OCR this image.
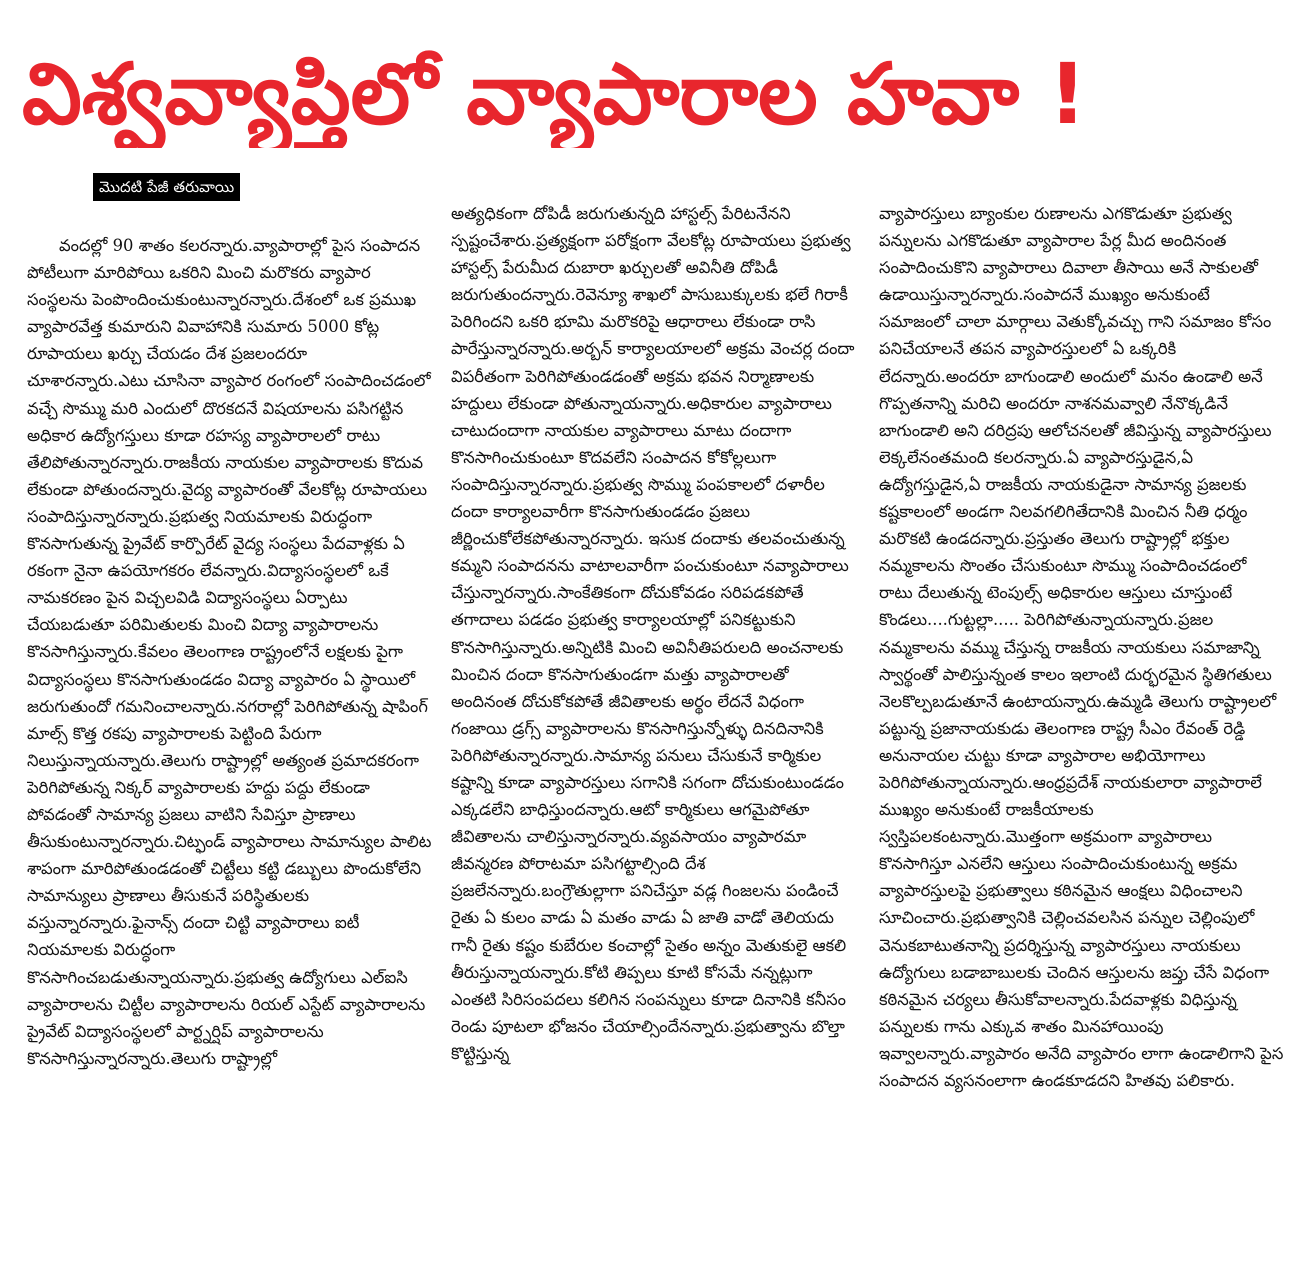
విశ్వవ్యాప్తిలో వ్యాపారాల హవా !
మొదటి పేజీ తరువాయి

వందల్లో 90 శాతం కలరన్నారు.వ్యాపారాల్లో పైస సంపాదన పోటీలుగా మారిపోయి ఒకరిని మించి మరొకరు వ్యాపార సంస్థలను పెంపొందించుకుంటున్నారన్నారు.దేశంలో ఒక ప్రముఖ వ్యాపారవేత్త కుమారుని వివాహానికి సుమారు 5000 కోట్ల రూపాయలు ఖర్చు చేయడం దేశ ప్రజలందరూ చూశారన్నారు.ఎటు చూసినా వ్యాపార రంగంలో సంపాదించడంలో వచ్చే సొమ్ము మరి ఎందులో దొరకదనే విషయాలను పసిగట్టిన అధికార ఉద్యోగస్తులు కూడా రహస్య వ్యాపారాలలో రాటు తేలిపోతున్నారన్నారు.రాజకీయ నాయకుల వ్యాపారాలకు కొదువ లేకుండా పోతుందన్నారు.వైద్య వ్యాపారంతో వేలకోట్ల రూపాయలు సంపాదిస్తున్నారన్నారు.ప్రభుత్వ నియమాలకు విరుద్ధంగా కొనసాగుతున్న ప్రైవేట్ కార్పొరేట్ వైద్య సంస్థలు పేదవాళ్లకు ఏ రకంగా నైనా ఉపయోగకరం లేవన్నారు.విద్యాసంస్థలలో ఒకే నామకరణం పైన విచ్చలవిడి విద్యాసంస్థలు ఏర్పాటు చేయబడుతూ పరిమితులకు మించి విద్యా వ్యాపారాలను కొనసాగిస్తున్నారు.కేవలం తెలంగాణ రాష్ట్రంలోనే లక్షలకు పైగా విద్యాసంస్థలు కొనసాగుతుండడం విద్యా వ్యాపారం ఏ స్థాయిలో జరుగుతుందో గమనించాలన్నారు.నగరాల్లో పెరిగిపోతున్న షాపింగ్ మాల్స్ కొత్త రకపు వ్యాపారాలకు పెట్టింది పేరుగా నిలుస్తున్నాయన్నారు.తెలుగు రాష్ట్రాల్లో అత్యంత ప్రమాదకరంగా పెరిగిపోతున్న నిక్కర్ వ్యాపారాలకు హద్దు పద్దు లేకుండా పోవడంతో సామాన్య ప్రజలు వాటిని సేవిస్తూ ప్రాణాలు తీసుకుంటున్నారన్నారు.చిట్ఫండ్ వ్యాపారాలు సామాన్యుల పాలిట శాపంగా మారిపోతుండడంతో చిట్టీలు కట్టి డబ్బులు పొందుకోలేని సామాన్యులు ప్రాణాలు తీసుకునే పరిస్థితులకు వస్తున్నారన్నారు.ఫైనాన్స్ దందా చిట్టి వ్యాపారాలు ఐటీ నియమాలకు విరుద్ధంగా కొనసాగించబడుతున్నాయన్నారు.ప్రభుత్వ ఉద్యోగులు ఎల్ఐసి వ్యాపారాలను చిట్టీల వ్యాపారాలను రియల్ ఎస్టేట్ వ్యాపారాలను ప్రైవేట్ విద్యాసంస్థలలో పార్ట్నర్షిప్ వ్యాపారాలను కొనసాగిస్తున్నారన్నారు.తెలుగు రాష్ట్రాల్లో

అత్యధికంగా దోపిడీ జరుగుతున్నది హాస్టల్స్ పేరిటనేనని స్పష్టంచేశారు.ప్రత్యక్షంగా పరోక్షంగా వేలకోట్ల రూపాయలు ప్రభుత్వ హాస్టల్స్ పేరుమీద దుబారా ఖర్చులతో అవినీతి దోపిడీ జరుగుతుందన్నారు.రెవెన్యూ శాఖలో పాసుబుక్కులకు భలే గిరాకీ పెరిగిందని ఒకరి భూమి మరొకరిపై ఆధారాలు లేకుండా రాసి పారేస్తున్నారన్నారు.అర్బన్ కార్యాలయాలలో అక్రమ వెంచర్ల దందా విపరీతంగా పెరిగిపోతుండడంతో అక్రమ భవన నిర్మాణాలకు హద్దులు లేకుండా పోతున్నాయన్నారు.అధికారుల వ్యాపారాలు చాటుదందాగా నాయకుల వ్యాపారాలు మాటు దందాగా కొనసాగించుకుంటూ కొదవలేని సంపాదన కోకోల్లలుగా సంపాదిస్తున్నారన్నారు.ప్రభుత్వ సొమ్ము పంపకాలలో దళారీల దందా కార్యాలవారీగా కొనసాగుతుండడం ప్రజలు జీర్ణించుకోలేకపోతున్నారన్నారు. ఇసుక దందాకు తలవంచుతున్న కమ్మని సంపాదనను వాటాలవారీగా పంచుకుంటూ నవ్యాపారాలు చేస్తున్నారన్నారు.సాంకేతికంగా దోచుకోవడం సరిపడకపోతే తగాదాలు పడడం ప్రభుత్వ కార్యాలయాల్లో పనికట్టుకుని కొనసాగిస్తున్నారు.అన్నిటికి మించి అవినీతిపరులది అంచనాలకు మించిన దందా కొనసాగుతుండగా మత్తు వ్యాపారాలతో అందినంత దోచుకోకపోతే జీవితాలకు అర్థం లేదనే విధంగా గంజాయి డ్రగ్స్ వ్యాపారాలను కొనసాగిస్తున్నోళ్ళు దినదినానికి పెరిగిపోతున్నారన్నారు.సామాన్య పనులు చేసుకునే కార్మికుల కష్టాన్ని కూడా వ్యాపారస్తులు సగానికి సగంగా దోచుకుంటుండడం ఎక్కడలేని బాధిస్తుందన్నారు.ఆటో కార్మికులు ఆగమైపోతూ జీవితాలను చాలిస్తున్నారన్నారు.వ్యవసాయం వ్యాపారమా జీవన్మరణ పోరాటమా పసిగట్టాల్సింది దేశ ప్రజలేనన్నారు.బంగ్రౌతుల్లాగా పనిచేస్తూ వడ్ల గింజలను పండించే రైతు ఏ కులం వాడు ఏ మతం వాడు ఏ జాతి వాడో తెలియదు గానీ రైతు కష్టం కుబేరుల కంచాల్లో సైతం అన్నం మెతుకులై ఆకలి తీరుస్తున్నాయన్నారు.కోటి తిప్పలు కూటి కోసమే నన్నట్లుగా ఎంతటి సిరిసంపదలు కలిగిన సంపన్నులు కూడా దినానికి కనీసం రెండు పూటలా భోజనం చేయాల్సిందేనన్నారు.ప్రభుత్వాను బొల్తా కొట్టిస్తున్న

వ్యాపారస్తులు బ్యాంకుల రుణాలను ఎగకొడుతూ ప్రభుత్వ పన్నులను ఎగకొడుతూ వ్యాపారాల పేర్ల మీద అందినంత సంపాదించుకొని వ్యాపారాలు దివాలా తీసాయి అనే సాకులతో ఉడాయిస్తున్నారన్నారు.సంపాదనే ముఖ్యం అనుకుంటే సమాజంలో చాలా మార్గాలు వెతుక్కోవచ్చు గాని సమాజం కోసం పనిచేయాలనే తపన వ్యాపారస్తులలో ఏ ఒక్కరికి లేదన్నారు.అందరూ బాగుండాలి అందులో మనం ఉండాలి అనే గొప్పతనాన్ని మరిచి అందరూ నాశనమవ్వాలి నేనొక్కడినే బాగుండాలి అని దరిద్రపు ఆలోచనలతో జీవిస్తున్న వ్యాపారస్తులు లెక్కలేనంతమంది కలరన్నారు.ఏ వ్యాపారస్తుడైన,ఏ ఉద్యోగస్తుడైన,ఏ రాజకీయ నాయకుడైనా సామాన్య ప్రజలకు కష్టకాలంలో అండగా నిలవగలిగితేదానికి మించిన నీతి ధర్మం మరొకటి ఉండదన్నారు.ప్రస్తుతం తెలుగు రాష్ట్రాల్లో భక్తుల నమ్మకాలను సొంతం చేసుకుంటూ సొమ్ము సంపాదించడంలో రాటు దేలుతున్న టెంపుల్స్ అధికారుల ఆస్తులు చూస్తుంటే కొండలు....గుట్టల్లా..... పెరిగిపోతున్నాయన్నారు.ప్రజల నమ్మకాలను వమ్ము చేస్తున్న రాజకీయ నాయకులు సమాజాన్ని స్వార్థంతో పాలిస్తున్నంత కాలం ఇలాంటి దుర్భరమైన స్థితిగతులు నెలకొల్పబడుతూనే ఉంటాయన్నారు.ఉమ్మడి తెలుగు రాష్ట్రాలలో పట్టున్న ప్రజానాయకుడు తెలంగాణ రాష్ట్ర సీఎం రేవంత్ రెడ్డి అనునాయల చుట్టు కూడా వ్యాపారాల అభియోగాలు పెరిగిపోతున్నాయన్నారు.ఆంధ్రప్రదేశ్ నాయకులారా వ్యాపారాలే ముఖ్యం అనుకుంటే రాజకీయాలకు స్వస్తిపలకంటన్నారు.మొత్తంగా అక్రమంగా వ్యాపారాలు కొనసాగిస్తూ ఎనలేని ఆస్తులు సంపాదించుకుంటున్న అక్రమ వ్యాపారస్తులపై ప్రభుత్వాలు కఠినమైన ఆంక్షలు విధించాలని సూచించారు.ప్రభుత్వానికి చెల్లించవలసిన పన్నుల చెల్లింపులో వెనుకబాటుతనాన్ని ప్రదర్శిస్తున్న వ్యాపారస్తులు నాయకులు ఉద్యోగులు బడాబాబులకు చెందిన ఆస్తులను జప్తు చేసే విధంగా కఠినమైన చర్యలు తీసుకోవాలన్నారు.పేదవాళ్లకు విధిస్తున్న పన్నులకు గాను ఎక్కువ శాతం మినహాయింపు ఇవ్వాలన్నారు.వ్యాపారం అనేది వ్యాపారం లాగా ఉండాలిగాని పైస సంపాదన వ్యసనంలాగా ఉండకూడదని హితవు పలికారు.
